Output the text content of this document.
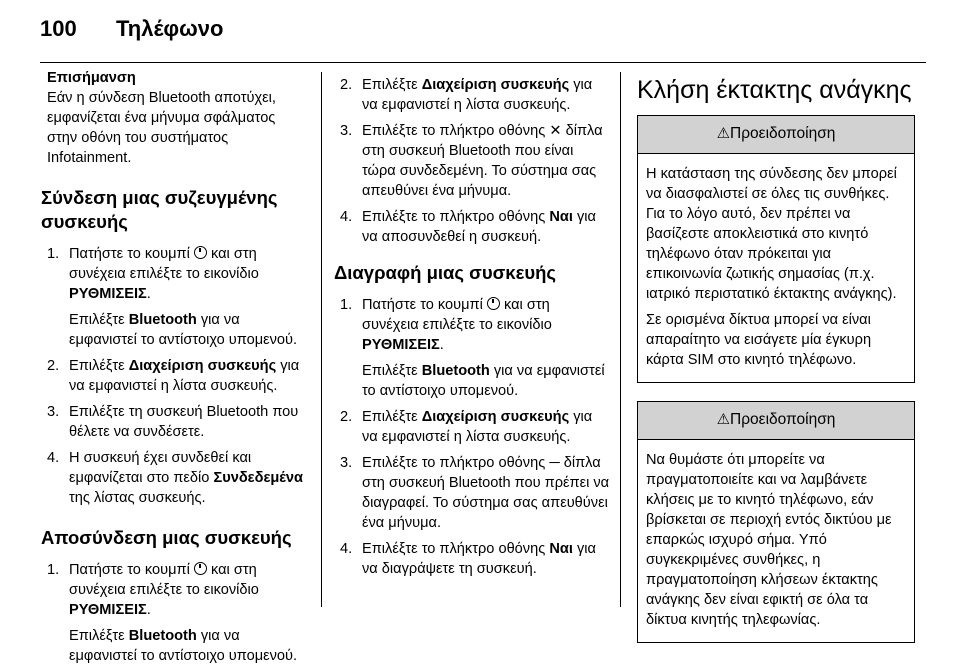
100 Τηλέφωνο
Επισήμανση
Εάν η σύνδεση Bluetooth αποτύχει, εμφανίζεται ένα μήνυμα σφάλματος στην οθόνη του συστήματος Infotainment.
Σύνδεση μιας συζευγμένης συσκευής
1. Πατήστε το κουμπί και στη συνέχεια επιλέξτε το εικονίδιο ΡΥΘΜΙΣΕΙΣ.

Επιλέξτε Bluetooth για να εμφανιστεί το αντίστοιχο υπομενού.

2. Επιλέξτε Διαχείριση συσκευής για να εμφανιστεί η λίστα συσκευής.

3. Επιλέξτε τη συσκευή Bluetooth που θέλετε να συνδέσετε.

4. Η συσκευή έχει συνδεθεί και εμφανίζεται στο πεδίο Συνδεδεμένα της λίστας συσκευής.

Αποσύνδεση μιας συσκευής
1. Πατήστε το κουμπί και στη συνέχεια επιλέξτε το εικονίδιο ΡΥΘΜΙΣΕΙΣ.

Επιλέξτε Bluetooth για να εμφανιστεί το αντίστοιχο υπομενού.

2. Επιλέξτε Διαχείριση συσκευής για να εμφανιστεί η λίστα συσκευής.

3. Επιλέξτε το πλήκτρο οθόνης ✕ δίπλα στη συσκευή Bluetooth που είναι τώρα συνδεδεμένη. Το σύστημα σας απευθύνει ένα μήνυμα.

4. Επιλέξτε το πλήκτρο οθόνης Ναι για να αποσυνδεθεί η συσκευή.

Διαγραφή μιας συσκευής
1. Πατήστε το κουμπί και στη συνέχεια επιλέξτε το εικονίδιο ΡΥΘΜΙΣΕΙΣ.

Επιλέξτε Bluetooth για να εμφανιστεί το αντίστοιχο υπομενού.

2. Επιλέξτε Διαχείριση συσκευής για να εμφανιστεί η λίστα συσκευής.

3. Επιλέξτε το πλήκτρο οθόνης ─ δίπλα στη συσκευή Bluetooth που πρέπει να διαγραφεί. Το σύστημα σας απευθύνει ένα μήνυμα.

4. Επιλέξτε το πλήκτρο οθόνης Ναι για να διαγράψετε τη συσκευή.

Κλήση έκτακτης ανάγκης
⚠Προειδοποίηση

Η κατάσταση της σύνδεσης δεν μπορεί να διασφαλιστεί σε όλες τις συνθήκες. Για το λόγο αυτό, δεν πρέπει να βασίζεστε αποκλειστικά στο κινητό τηλέφωνο όταν πρόκειται για επικοινωνία ζωτικής σημασίας (π.χ. ιατρικό περιστατικό έκτακτης ανάγκης).

Σε ορισμένα δίκτυα μπορεί να είναι απαραίτητο να εισάγετε μία έγκυρη κάρτα SIM στο κινητό τηλέφωνο.

⚠Προειδοποίηση

Να θυμάστε ότι μπορείτε να πραγματοποιείτε και να λαμβάνετε κλήσεις με το κινητό τηλέφωνο, εάν βρίσκεται σε περιοχή εντός δικτύου με επαρκώς ισχυρό σήμα. Υπό συγκεκριμένες συνθήκες, η πραγματοποίηση κλήσεων έκτακτης ανάγκης δεν είναι εφικτή σε όλα τα δίκτυα κινητής τηλεφωνίας.
